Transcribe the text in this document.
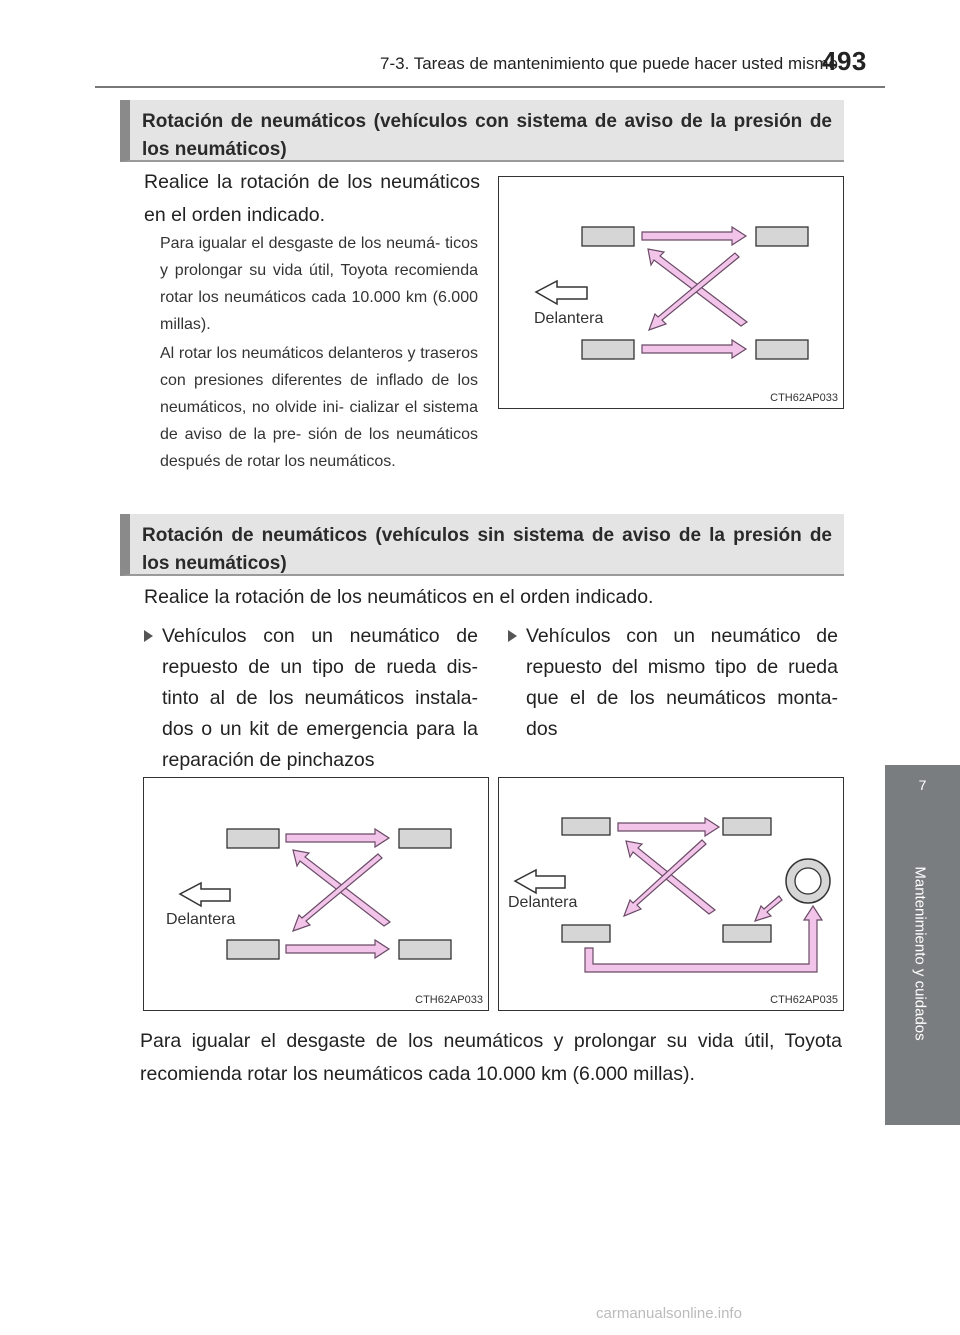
7-3. Tareas de mantenimiento que puede hacer usted mismo
493
7
Mantenimiento y cuidados
Rotación de neumáticos (vehículos con sistema de aviso de la presión de los neumáticos)
Realice la rotación de los neumáticos en el orden indicado.
Para igualar el desgaste de los neumá- ticos y prolongar su vida útil, Toyota recomienda rotar los neumáticos cada 10.000 km (6.000 millas).
Al rotar los neumáticos delanteros y traseros con presiones diferentes de inflado de los neumáticos, no olvide ini- cializar el sistema de aviso de la pre- sión de los neumáticos después de rotar los neumáticos.
Delantera
CTH62AP033
Rotación de neumáticos (vehículos sin sistema de aviso de la presión de los neumáticos)
Realice la rotación de los neumáticos en el orden indicado.
Vehículos con un neumático de repuesto de un tipo de rueda dis- tinto al de los neumáticos instala- dos o un kit de emergencia para la reparación de pinchazos
Vehículos con un neumático de repuesto del mismo tipo de rueda que el de los neumáticos monta- dos
Delantera
CTH62AP033
Delantera
CTH62AP035
Para igualar el desgaste de los neumáticos y prolongar su vida útil, Toyota recomienda rotar los neumáticos cada 10.000 km (6.000 millas).
carmanualsonline.info
